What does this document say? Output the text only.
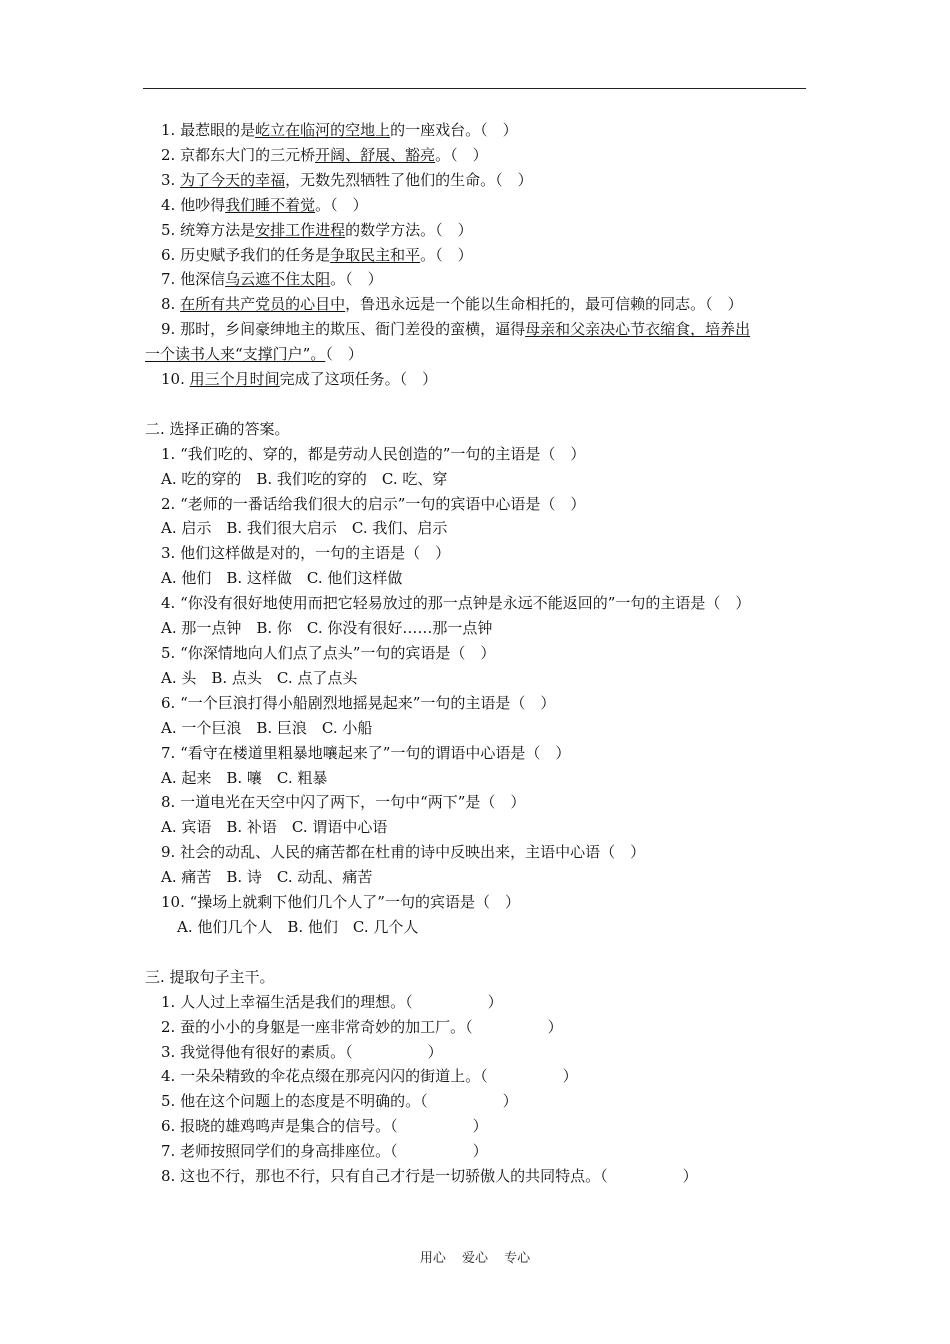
1. 最惹眼的是屹立在临河的空地上的一座戏台。（　）
2. 京都东大门的三元桥开阔、舒展、豁亮。（　）
3. 为了今天的幸福，无数先烈牺牲了他们的生命。（　）
4. 他吵得我们睡不着觉。（　）
5. 统筹方法是安排工作进程的数学方法。（　）
6. 历史赋予我们的任务是争取民主和平。（　）
7. 他深信乌云遮不住太阳。（　）
8. 在所有共产党员的心目中，鲁迅永远是一个能以生命相托的，最可信赖的同志。（　）
9. 那时，乡间豪绅地主的欺压、衙门差役的蛮横，逼得母亲和父亲决心节衣缩食，培养出
一个读书人来“支撑门户”。（　）
10. 用三个月时间完成了这项任务。（　）
二. 选择正确的答案。
1. “我们吃的、穿的，都是劳动人民创造的”一句的主语是（　）
A. 吃的穿的　B. 我们吃的穿的　C. 吃、穿
2. “老师的一番话给我们很大的启示”一句的宾语中心语是（　）
A. 启示　B. 我们很大启示　C. 我们、启示
3. 他们这样做是对的，一句的主语是（　）
A. 他们　B. 这样做　C. 他们这样做
4. “你没有很好地使用而把它轻易放过的那一点钟是永远不能返回的”一句的主语是（　）
A. 那一点钟　B. 你　C. 你没有很好……那一点钟
5. “你深情地向人们点了点头”一句的宾语是（　）
A. 头　B. 点头　C. 点了点头
6. “一个巨浪打得小船剧烈地摇晃起来”一句的主语是（　）
A. 一个巨浪　B. 巨浪　C. 小船
7. “看守在楼道里粗暴地嚷起来了”一句的谓语中心语是（　）
A. 起来　B. 嚷　C. 粗暴
8. 一道电光在天空中闪了两下，一句中“两下”是（　）
A. 宾语　B. 补语　C. 谓语中心语
9. 社会的动乱、人民的痛苦都在杜甫的诗中反映出来，主语中心语（　）
A. 痛苦　B. 诗　C. 动乱、痛苦
10. “操场上就剩下他们几个人了”一句的宾语是（　）
A. 他们几个人　B. 他们　C. 几个人
三. 提取句子主干。
1. 人人过上幸福生活是我们的理想。（　　　　　）
2. 蚕的小小的身躯是一座非常奇妙的加工厂。（　　　　　）
3. 我觉得他有很好的素质。（　　　　　）
4. 一朵朵精致的伞花点缀在那亮闪闪的街道上。（　　　　　）
5. 他在这个问题上的态度是不明确的。（　　　　　）
6. 报晓的雄鸡鸣声是集合的信号。（　　　　　）
7. 老师按照同学们的身高排座位。（　　　　　）
8. 这也不行，那也不行，只有自己才行是一切骄傲人的共同特点。（　　　　　）
用心 爱心 专心
